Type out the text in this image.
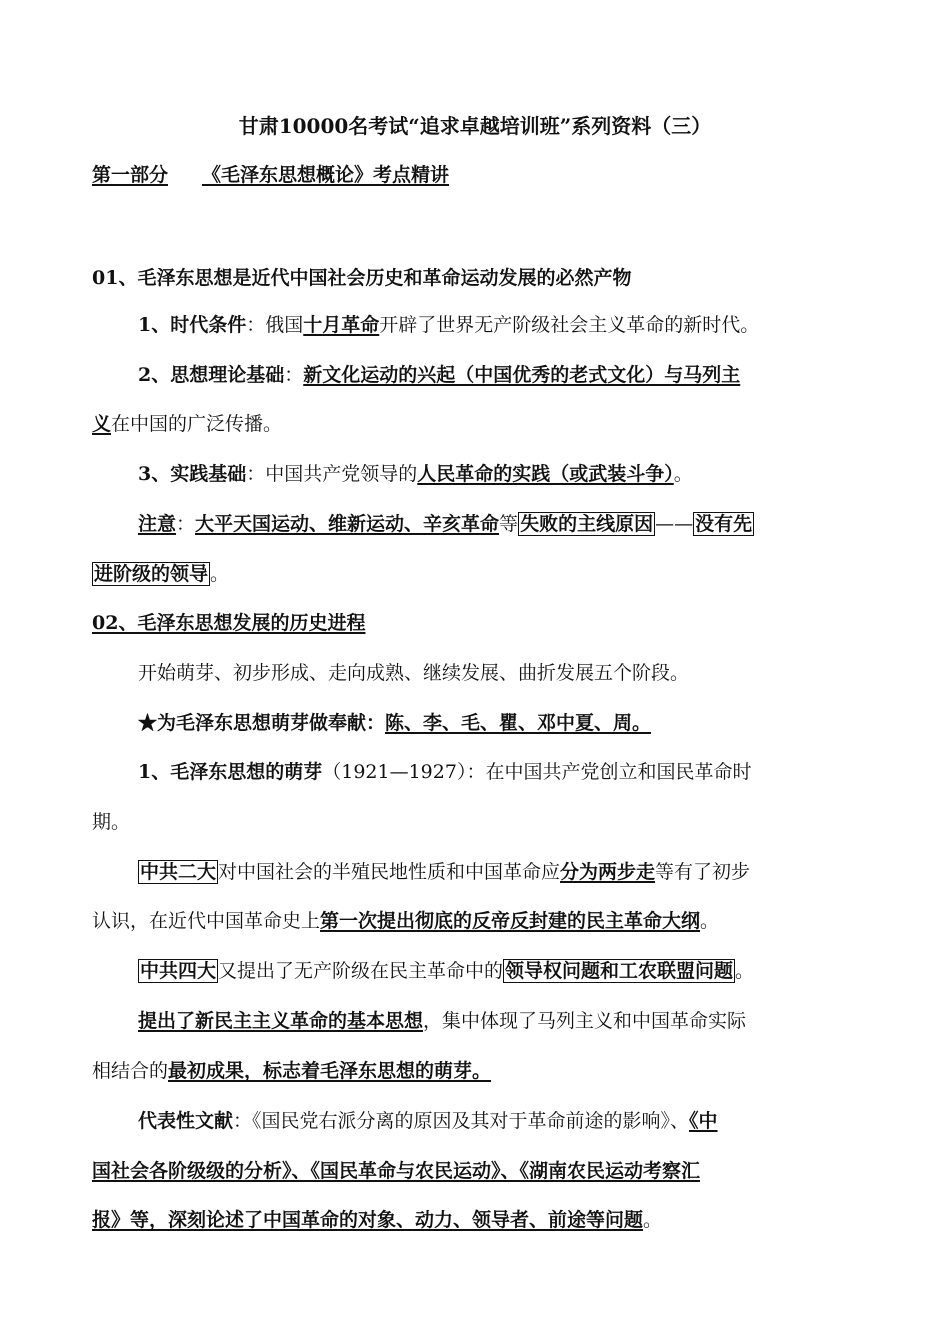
甘肃10000名考试“追求卓越培训班”系列资料（三）
第一部分 《毛泽东思想概论》考点精讲
01、毛泽东思想是近代中国社会历史和革命运动发展的必然产物
1、时代条件：俄国十月革命开辟了世界无产阶级社会主义革命的新时代。
2、思想理论基础：新文化运动的兴起（中国优秀的老式文化）与马列主
义在中国的广泛传播。
3、实践基础：中国共产党领导的人民革命的实践（或武装斗争）。
注意：大平天国运动、维新运动、辛亥革命等 失败的主线原因 —— 没有先
进阶级的领导 。
02、毛泽东思想发展的历史进程
开始萌芽、初步形成、走向成熟、继续发展、曲折发展五个阶段。
★为毛泽东思想萌芽做奉献：陈、李、毛、瞿、邓中夏、周。
1、毛泽东思想的萌芽（1921—1927）：在中国共产党创立和国民革命时
期。
中共二大 对中国社会的半殖民地性质和中国革命应分为两步走等有了初步
认识，在近代中国革命史上第一次提出彻底的反帝反封建的民主革命大纲。
中共四大 又提出了无产阶级在民主革命中的 领导权问题和工农联盟问题 。
提出了新民主主义革命的基本思想，集中体现了马列主义和中国革命实际
相结合的最初成果，标志着毛泽东思想的萌芽。
代表性文献：《国民党右派分离的原因及其对于革命前途的影响》、《中
国社会各阶级级的分析》、《国民革命与农民运动》、《湖南农民运动考察汇
报》等，深刻论述了中国革命的对象、动力、领导者、前途等问题。
